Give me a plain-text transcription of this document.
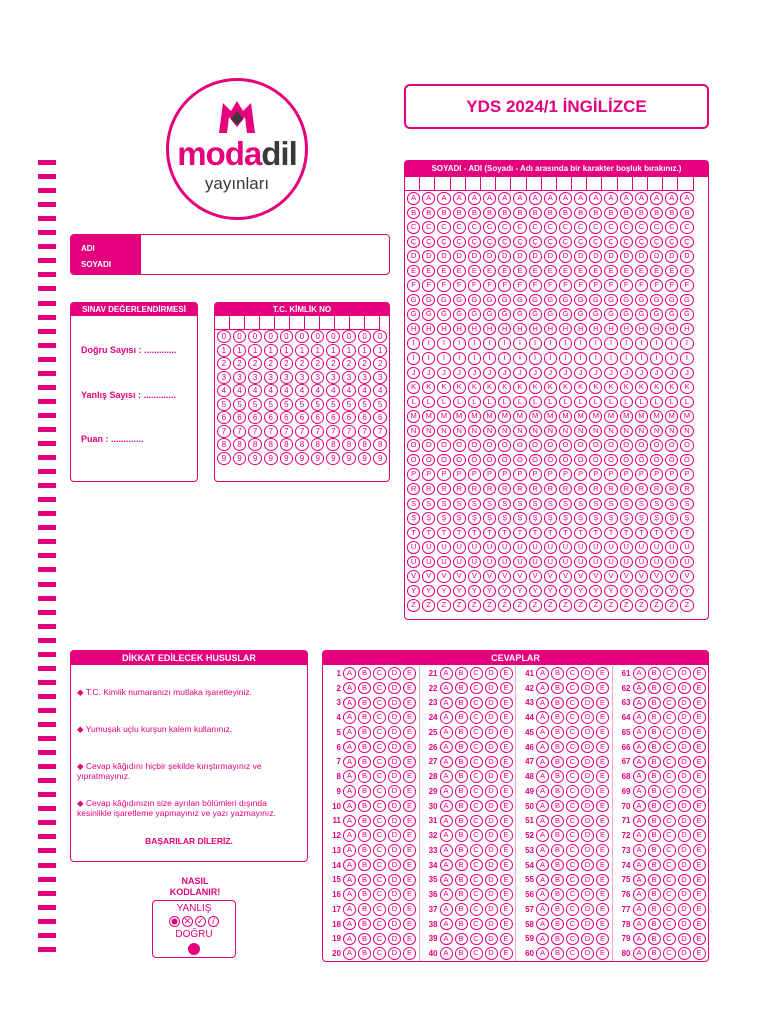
modadil
yayınları
YDS 2024/1 İNGİLİZCE
ADI
SOYADI
SINAV DEĞERLENDİRMESİ
Doğru Sayısı : .............
Yanlış Sayısı : .............
Puan : .............
T.C. KİMLİK NO
0	0	0	0	0	0	0	0	0	0	0
1	1	1	1	1	1	1	1	1	1	1
2	2	2	2	2	2	2	2	2	2	2
3	3	3	3	3	3	3	3	3	3	3
4	4	4	4	4	4	4	4	4	4	4
5	5	5	5	5	5	5	5	5	5	5
6	6	6	6	6	6	6	6	6	6	6
7	7	7	7	7	7	7	7	7	7	7
8	8	8	8	8	8	8	8	8	8	8
9	9	9	9	9	9	9	9	9	9	9
SOYADI - ADI (Soyadı - Adı arasında bir karakter boşluk bırakınız.)
A	A	A	A	A	A	A	A	A	A	A	A	A	A	A	A	A	A	A
B	B	B	B	B	B	B	B	B	B	B	B	B	B	B	B	B	B	B
C	C	C	C	C	C	C	C	C	C	C	C	C	C	C	C	C	C	C
Ç	Ç	Ç	Ç	Ç	Ç	Ç	Ç	Ç	Ç	Ç	Ç	Ç	Ç	Ç	Ç	Ç	Ç	Ç
D	D	D	D	D	D	D	D	D	D	D	D	D	D	D	D	D	D	D
E	E	E	E	E	E	E	E	E	E	E	E	E	E	E	E	E	E	E
F	F	F	F	F	F	F	F	F	F	F	F	F	F	F	F	F	F	F
G	G	G	G	G	G	G	G	G	G	G	G	G	G	G	G	G	G	G
Ğ	Ğ	Ğ	Ğ	Ğ	Ğ	Ğ	Ğ	Ğ	Ğ	Ğ	Ğ	Ğ	Ğ	Ğ	Ğ	Ğ	Ğ	Ğ
H	H	H	H	H	H	H	H	H	H	H	H	H	H	H	H	H	H	H
I	I	I	I	I	I	I	I	I	I	I	I	I	I	I	I	I	I	I
İ	İ	İ	İ	İ	İ	İ	İ	İ	İ	İ	İ	İ	İ	İ	İ	İ	İ	İ
J	J	J	J	J	J	J	J	J	J	J	J	J	J	J	J	J	J	J
K	K	K	K	K	K	K	K	K	K	K	K	K	K	K	K	K	K	K
L	L	L	L	L	L	L	L	L	L	L	L	L	L	L	L	L	L	L
M	M	M	M	M	M	M	M	M	M	M	M	M	M	M	M	M	M	M
N	N	N	N	N	N	N	N	N	N	N	N	N	N	N	N	N	N	N
O	O	O	O	O	O	O	O	O	O	O	O	O	O	O	O	O	O	O
Ö	Ö	Ö	Ö	Ö	Ö	Ö	Ö	Ö	Ö	Ö	Ö	Ö	Ö	Ö	Ö	Ö	Ö	Ö
P	P	P	P	P	P	P	P	P	P	P	P	P	P	P	P	P	P	P
R	R	R	R	R	R	R	R	R	R	R	R	R	R	R	R	R	R	R
S	S	S	S	S	S	S	S	S	S	S	S	S	S	S	S	S	S	S
Ş	Ş	Ş	Ş	Ş	Ş	Ş	Ş	Ş	Ş	Ş	Ş	Ş	Ş	Ş	Ş	Ş	Ş	Ş
T	T	T	T	T	T	T	T	T	T	T	T	T	T	T	T	T	T	T
U	U	U	U	U	U	U	U	U	U	U	U	U	U	U	U	U	U	U
Ü	Ü	Ü	Ü	Ü	Ü	Ü	Ü	Ü	Ü	Ü	Ü	Ü	Ü	Ü	Ü	Ü	Ü	Ü
V	V	V	V	V	V	V	V	V	V	V	V	V	V	V	V	V	V	V
Y	Y	Y	Y	Y	Y	Y	Y	Y	Y	Y	Y	Y	Y	Y	Y	Y	Y	Y
Z	Z	Z	Z	Z	Z	Z	Z	Z	Z	Z	Z	Z	Z	Z	Z	Z	Z	Z
DİKKAT EDİLECEK HUSUSLAR
◆ T.C. Kimlik numaranızı mutlaka işaretleyiniz.
◆ Yumuşak uçlu kurşun kalem kullanınız.
◆ Cevap kâğıdını hiçbir şekilde kırıştırmayınız ve yıpratmayınız.
◆ Cevap kâğıdınızın size ayrılan bölümleri dışında kesinlikle işaretleme yapmayınız ve yazı yazmayınız.
BAŞARILAR DİLERİZ.
CEVAPLAR
1 A	B	C	D	E
2 A	B	C	D	E
3 A	B	C	D	E
4 A	B	C	D	E
5 A	B	C	D	E
6 A	B	C	D	E
7 A	B	C	D	E
8 A	B	C	D	E
9 A	B	C	D	E
10 A	B	C	D	E
11 A	B	C	D	E
12 A	B	C	D	E
13 A	B	C	D	E
14 A	B	C	D	E
15 A	B	C	D	E
16 A	B	C	D	E
17 A	B	C	D	E
18 A	B	C	D	E
19 A	B	C	D	E
20 A	B	C	D	E
21 A	B	C	D	E
22 A	B	C	D	E
23 A	B	C	D	E
24 A	B	C	D	E
25 A	B	C	D	E
26 A	B	C	D	E
27 A	B	C	D	E
28 A	B	C	D	E
29 A	B	C	D	E
30 A	B	C	D	E
31 A	B	C	D	E
32 A	B	C	D	E
33 A	B	C	D	E
34 A	B	C	D	E
35 A	B	C	D	E
36 A	B	C	D	E
37 A	B	C	D	E
38 A	B	C	D	E
39 A	B	C	D	E
40 A	B	C	D	E
41 A	B	C	D	E
42 A	B	C	D	E
43 A	B	C	D	E
44 A	B	C	D	E
45 A	B	C	D	E
46 A	B	C	D	E
47 A	B	C	D	E
48 A	B	C	D	E
49 A	B	C	D	E
50 A	B	C	D	E
51 A	B	C	D	E
52 A	B	C	D	E
53 A	B	C	D	E
54 A	B	C	D	E
55 A	B	C	D	E
56 A	B	C	D	E
57 A	B	C	D	E
58 A	B	C	D	E
59 A	B	C	D	E
60 A	B	C	D	E
61 A	B	C	D	E
62 A	B	C	D	E
63 A	B	C	D	E
64 A	B	C	D	E
65 A	B	C	D	E
66 A	B	C	D	E
67 A	B	C	D	E
68 A	B	C	D	E
69 A	B	C	D	E
70 A	B	C	D	E
71 A	B	C	D	E
72 A	B	C	D	E
73 A	B	C	D	E
74 A	B	C	D	E
75 A	B	C	D	E
76 A	B	C	D	E
77 A	B	C	D	E
78 A	B	C	D	E
79 A	B	C	D	E
80 A	B	C	D	E
NASIL
KODLANIR!
YANLIŞ
✕ ✓ /
DOĞRU
